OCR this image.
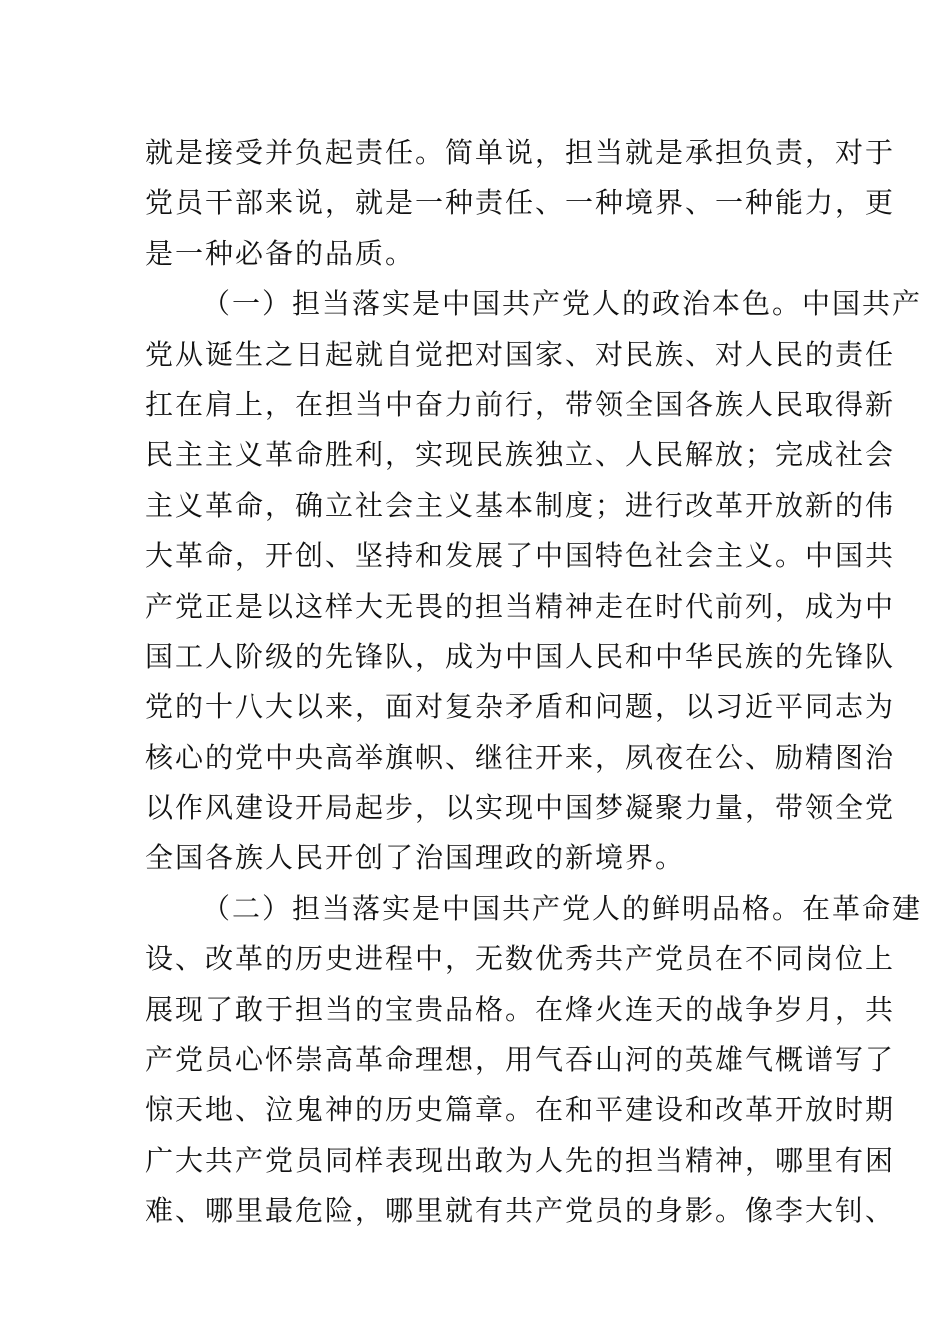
就是接受并负起责任。简单说，担当就是承担负责，对于
党员干部来说，就是一种责任、一种境界、一种能力，更
是一种必备的品质。
（一）担当落实是中国共产党人的政治本色。中国共产
党从诞生之日起就自觉把对国家、对民族、对人民的责任
扛在肩上，在担当中奋力前行，带领全国各族人民取得新
民主主义革命胜利，实现民族独立、人民解放；完成社会
主义革命，确立社会主义基本制度；进行改革开放新的伟
大革命，开创、坚持和发展了中国特色社会主义。中国共
产党正是以这样大无畏的担当精神走在时代前列，成为中
国工人阶级的先锋队，成为中国人民和中华民族的先锋队
党的十八大以来，面对复杂矛盾和问题，以习近平同志为
核心的党中央高举旗帜、继往开来，夙夜在公、励精图治
以作风建设开局起步，以实现中国梦凝聚力量，带领全党
全国各族人民开创了治国理政的新境界。
（二）担当落实是中国共产党人的鲜明品格。在革命建
设、改革的历史进程中，无数优秀共产党员在不同岗位上
展现了敢于担当的宝贵品格。在烽火连天的战争岁月，共
产党员心怀崇高革命理想，用气吞山河的英雄气概谱写了
惊天地、泣鬼神的历史篇章。在和平建设和改革开放时期
广大共产党员同样表现出敢为人先的担当精神，哪里有困
难、哪里最危险，哪里就有共产党员的身影。像李大钊、
